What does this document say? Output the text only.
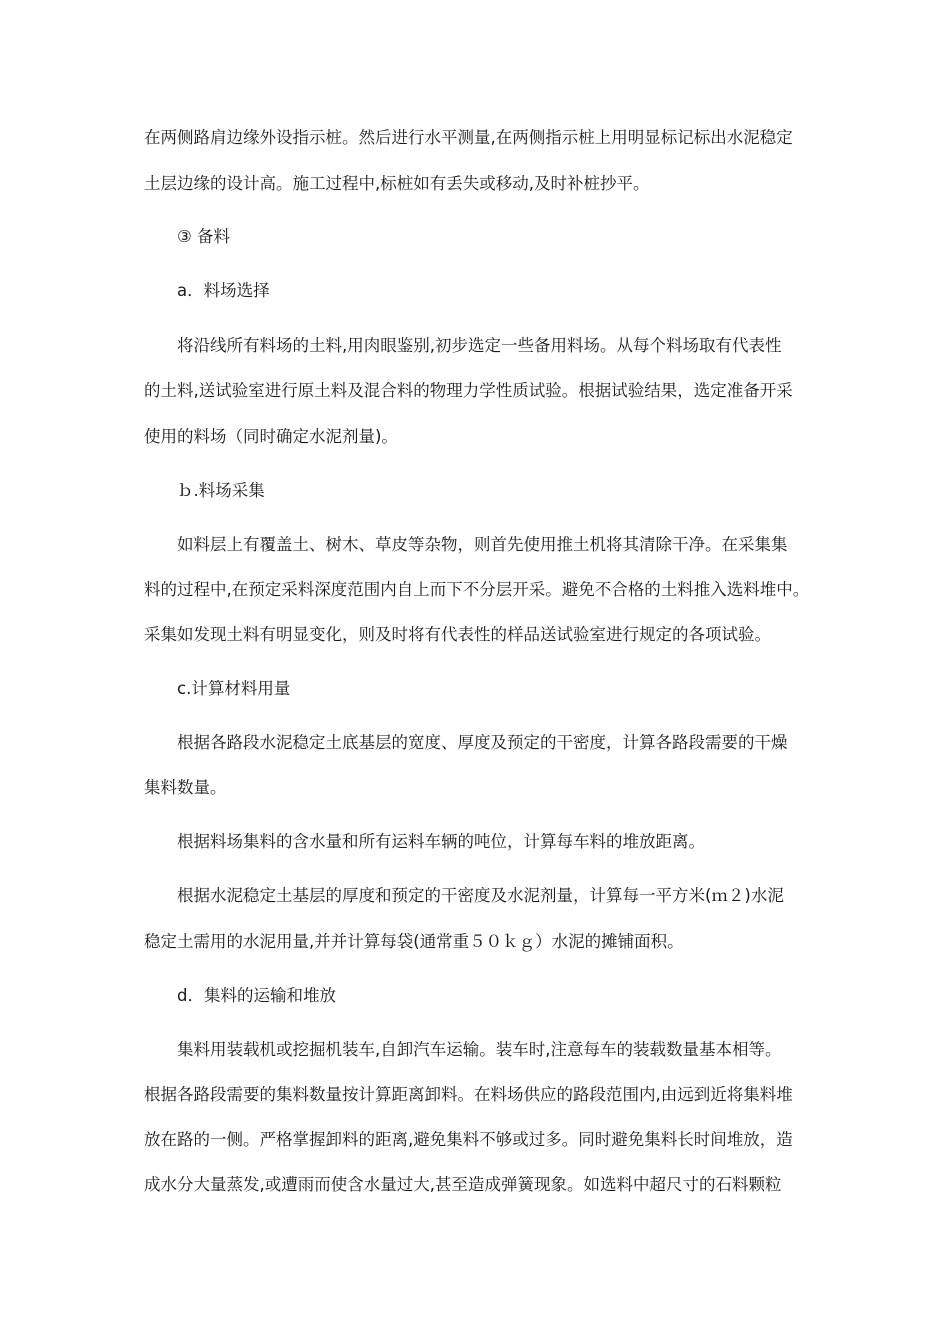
在两侧路肩边缘外设指示桩。然后进行水平测量,在两侧指示桩上用明显标记标出水泥稳定
土层边缘的设计高。施工过程中,标桩如有丢失或移动,及时补桩抄平。
③ 备料
a．料场选择
将沿线所有料场的土料,用肉眼鉴别,初步选定一些备用料场。从每个料场取有代表性
的土料,送试验室进行原土料及混合料的物理力学性质试验。根据试验结果，选定准备开采
使用的料场（同时确定水泥剂量)。
ｂ.料场采集
如料层上有覆盖土、树木、草皮等杂物，则首先使用推土机将其清除干净。在采集集
料的过程中,在预定采料深度范围内自上而下不分层开采。避免不合格的土料推入选料堆中。
采集如发现土料有明显变化，则及时将有代表性的样品送试验室进行规定的各项试验。
c.计算材料用量
根据各路段水泥稳定土底基层的宽度、厚度及预定的干密度，计算各路段需要的干燥
集料数量。
根据料场集料的含水量和所有运料车辆的吨位，计算每车料的堆放距离。
根据水泥稳定土基层的厚度和预定的干密度及水泥剂量，计算每一平方米(ｍ２)水泥
稳定土需用的水泥用量,并并计算每袋(通常重５０ｋｇ）水泥的摊铺面积。
d．集料的运输和堆放
集料用装载机或挖掘机装车,自卸汽车运输。装车时,注意每车的装载数量基本相等。
根据各路段需要的集料数量按计算距离卸料。在料场供应的路段范围内,由远到近将集料堆
放在路的一侧。严格掌握卸料的距离,避免集料不够或过多。同时避免集料长时间堆放，造
成水分大量蒸发,或遭雨而使含水量过大,甚至造成弹簧现象。如选料中超尺寸的石料颗粒
